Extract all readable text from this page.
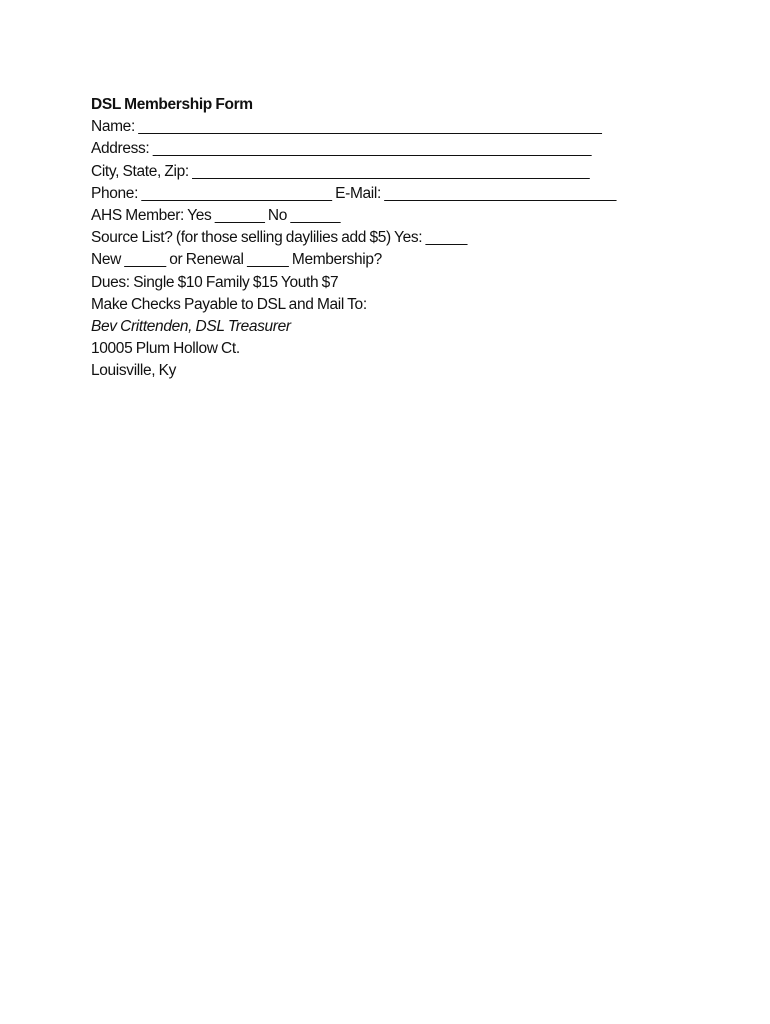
DSL Membership Form
Name: ________________________________________________________
Address: _____________________________________________________
City, State, Zip: ________________________________________________
Phone: _______________________ E-Mail: ____________________________
AHS Member: Yes ______ No ______
Source List? (for those selling daylilies add $5) Yes: _____
New _____ or Renewal _____ Membership?
Dues: Single $10 Family $15 Youth $7
Make Checks Payable to DSL and Mail To:
Bev Crittenden, DSL Treasurer
10005 Plum Hollow Ct.
Louisville, Ky
